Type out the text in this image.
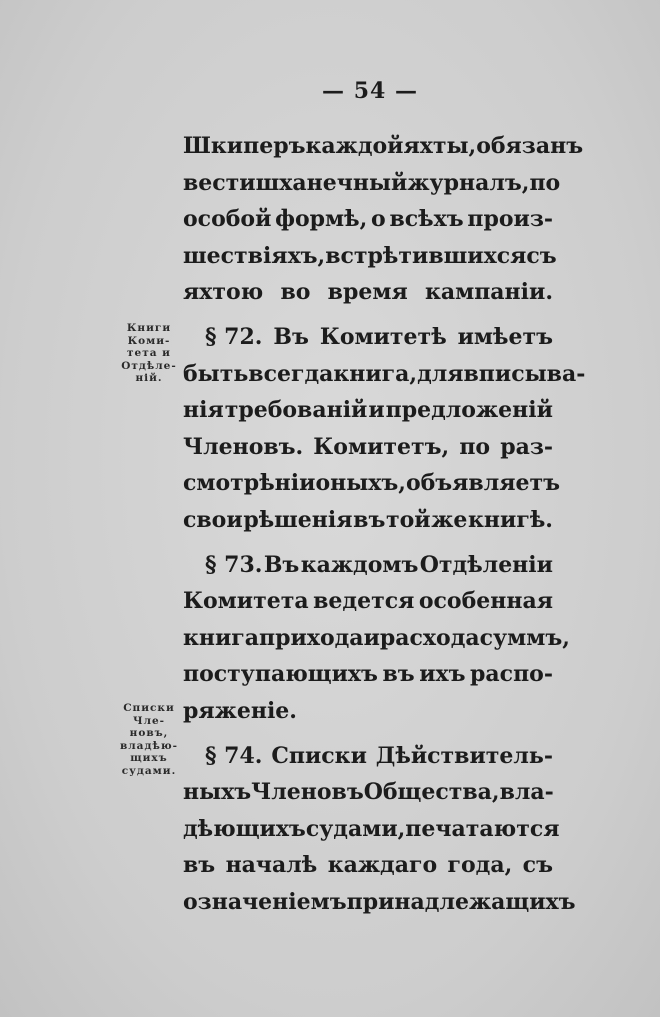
— 54 —
Книги
Коми-
тета и
Отдѣле-
ній.
Списки
Чле-
новъ,
владѣю-
щихъ
судами.
Шкиперъ каждой яхты, обязанъ
вести шханечный журналъ, по
особой формѣ, о всѣхъ произ-
шествіяхъ, встрѣтившихся съ
яхтою во время кампаніи.
§ 72. Въ Комитетѣ имѣетъ
быть всегда книга, для вписыва-
нія требованій и предложеній
Членовъ. Комитетъ, по раз-
смотрѣніи оныхъ, объявляетъ
свои рѣшенія въ той же книгѣ.
§ 73. Въ каждомъ Отдѣленіи
Комитета ведется особенная
книга прихода и расхода суммъ,
поступающихъ въ ихъ распо-
ряженіе.
§ 74. Списки Дѣйствитель-
ныхъ Членовъ Общества, вла-
дѣющихъ судами, печатаются
въ началѣ каждаго года, съ
означеніемъ принадлежащихъ
